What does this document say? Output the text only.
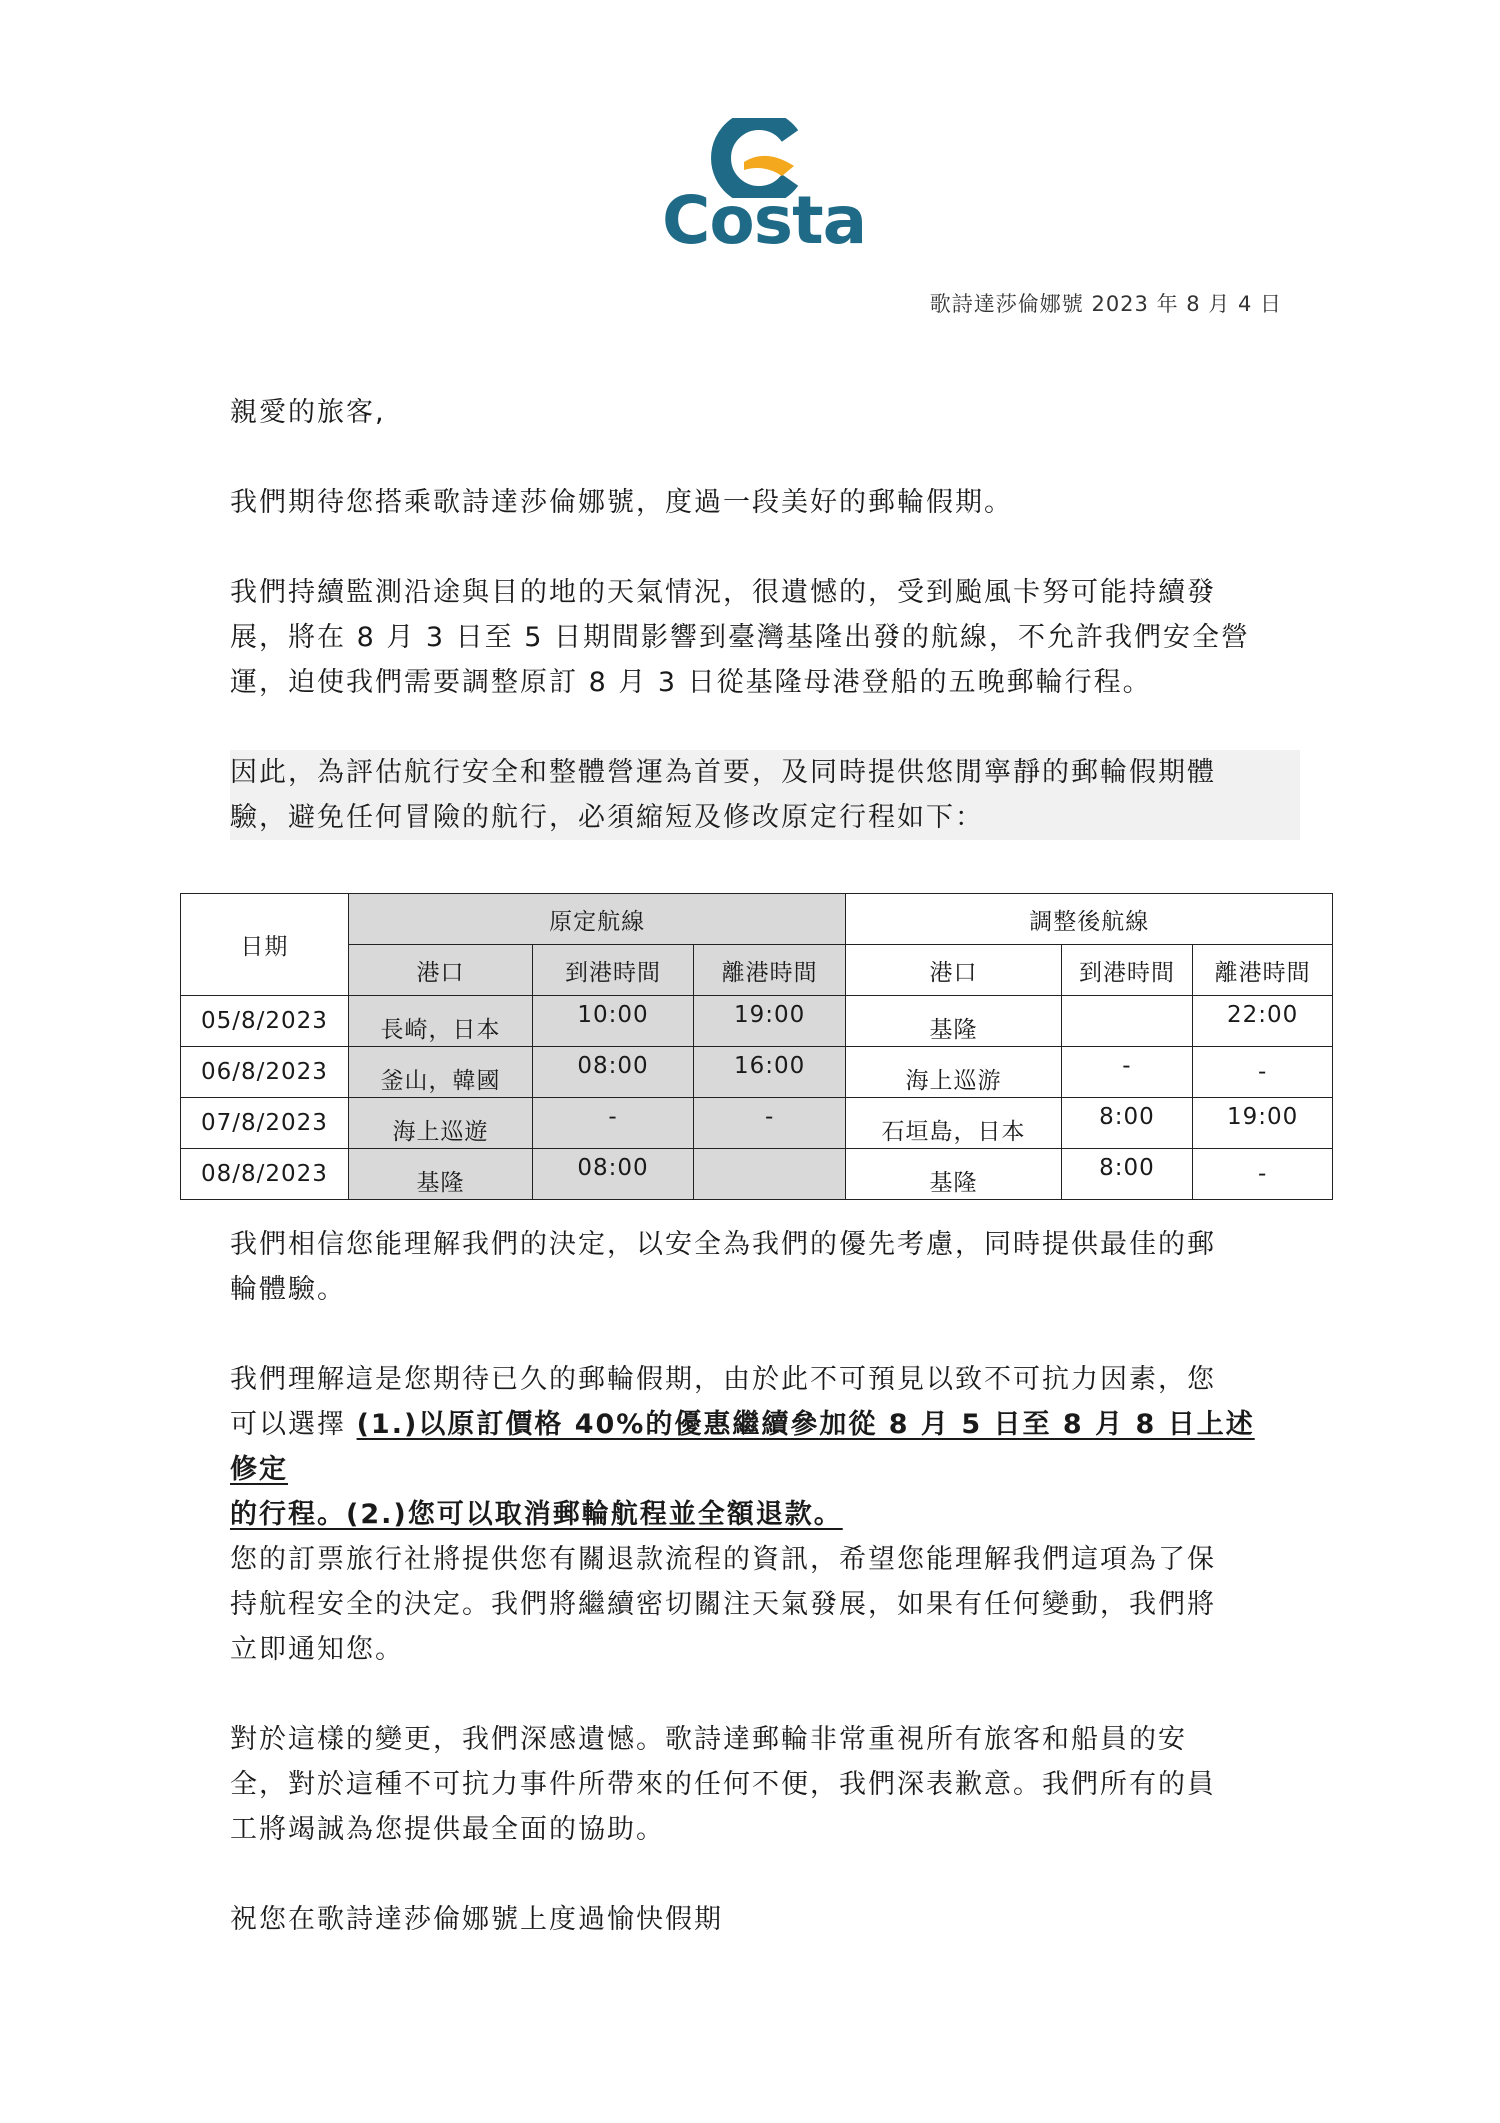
Costa
歌詩達莎倫娜號 2023 年 8 月 4 日

親愛的旅客,

我們期待您搭乘歌詩達莎倫娜號，度過一段美好的郵輪假期。

我們持續監測沿途與目的地的天氣情況，很遺憾的，受到颱風卡努可能持續發

展，將在 8 月 3 日至 5 日期間影響到臺灣基隆出發的航線，不允許我們安全營

運，迫使我們需要調整原訂 8 月 3 日從基隆母港登船的五晚郵輪行程。

因此，為評估航行安全和整體營運為首要，及同時提供悠閒寧靜的郵輪假期體

驗，避免任何冒險的航行，必須縮短及修改原定行程如下：

我們相信您能理解我們的決定，以安全為我們的優先考慮，同時提供最佳的郵

輪體驗。

我們理解這是您期待已久的郵輪假期，由於此不可預見以致不可抗力因素，您

可以選擇 (1.)以原訂價格 40%的優惠繼續參加從 8 月 5 日至 8 月 8 日上述修定

的行程。(2.)您可以取消郵輪航程並全額退款。

您的訂票旅行社將提供您有關退款流程的資訊，希望您能理解我們這項為了保

持航程安全的決定。我們將繼續密切關注天氣發展，如果有任何變動，我們將

立即通知您。

對於這樣的變更，我們深感遺憾。歌詩達郵輪非常重視所有旅客和船員的安

全，對於這種不可抗力事件所帶來的任何不便，我們深表歉意。我們所有的員

工將竭誠為您提供最全面的協助。

祝您在歌詩達莎倫娜號上度過愉快假期

日期	原定航線			調整後航線		
	港口	到港時間	離港時間	港口	到港時間	離港時間
05/8/2023	長崎，日本	10:00	19:00	基隆		22:00
06/8/2023	釜山，韓國	08:00	16:00	海上巡游	-	-
07/8/2023	海上巡遊	-	-	石垣島，日本	8:00	19:00
08/8/2023	基隆	08:00		基隆	8:00	-
